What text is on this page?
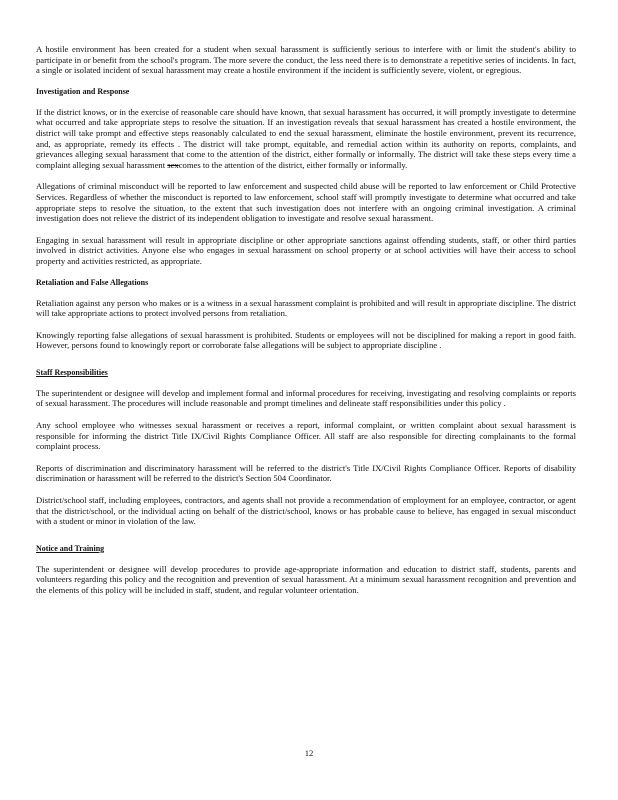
A hostile environment has been created for a student when sexual harassment is sufficiently serious to interfere with or limit the student's ability to participate in or benefit from the school's program. The more severe the conduct, the less need there is to demonstrate a repetitive series of incidents. In fact, a single or isolated incident of sexual harassment may create a hostile environment if the incident is sufficiently severe, violent, or egregious.

Investigation and Response

If the district knows, or in the exercise of reasonable care should have known, that sexual harassment has occurred, it will promptly investigate to determine what occurred and take appropriate steps to resolve the situation. If an investigation reveals that sexual harassment has created a hostile environment, the district will take prompt and effective steps reasonably calculated to end the sexual harassment, eliminate the hostile environment, prevent its recurrence, and, as appropriate, remedy its effects . The district will take prompt, equitable, and remedial action within its authority on reports, complaints, and grievances alleging sexual harassment that come to the attention of the district, either formally or informally. The district will take these steps every time a complaint alleging sexual harassment sexcomes to the attention of the district, either formally or informally.

Allegations of criminal misconduct will be reported to law enforcement and suspected child abuse will be reported to law enforcement or Child Protective Services. Regardless of whether the misconduct is reported to law enforcement, school staff will promptly investigate to determine what occurred and take appropriate steps to resolve the situation, to the extent that such investigation does not interfere with an ongoing criminal investigation. A criminal investigation does not relieve the district of its independent obligation to investigate and resolve sexual harassment.

Engaging in sexual harassment will result in appropriate discipline or other appropriate sanctions against offending students, staff, or other third parties involved in district activities. Anyone else who engages in sexual harassment on school property or at school activities will have their access to school property and activities restricted, as appropriate.

Retaliation and False Allegations

Retaliation against any person who makes or is a witness in a sexual harassment complaint is prohibited and will result in appropriate discipline. The district will take appropriate actions to protect involved persons from retaliation.

Knowingly reporting false allegations of sexual harassment is prohibited. Students or employees will not be disciplined for making a report in good faith. However, persons found to knowingly report or corroborate false allegations will be subject to appropriate discipline .

Staff Responsibilities

The superintendent or designee will develop and implement formal and informal procedures for receiving, investigating and resolving complaints or reports of sexual harassment. The procedures will include reasonable and prompt timelines and delineate staff responsibilities under this policy .

Any school employee who witnesses sexual harassment or receives a report, informal complaint, or written complaint about sexual harassment is responsible for informing the district Title IX/Civil Rights Compliance Officer. All staff are also responsible for directing complainants to the formal complaint process.

Reports of discrimination and discriminatory harassment will be referred to the district's Title IX/Civil Rights Compliance Officer. Reports of disability discrimination or harassment will be referred to the district's Section 504 Coordinator.

District/school staff, including employees, contractors, and agents shall not provide a recommendation of employment for an employee, contractor, or agent that the district/school, or the individual acting on behalf of the district/school, knows or has probable cause to believe, has engaged in sexual misconduct with a student or minor in violation of the law.

Notice and Training

The superintendent or designee will develop procedures to provide age-appropriate information and education to district staff, students, parents and volunteers regarding this policy and the recognition and prevention of sexual harassment. At a minimum sexual harassment recognition and prevention and the elements of this policy will be included in staff, student, and regular volunteer orientation.

12
